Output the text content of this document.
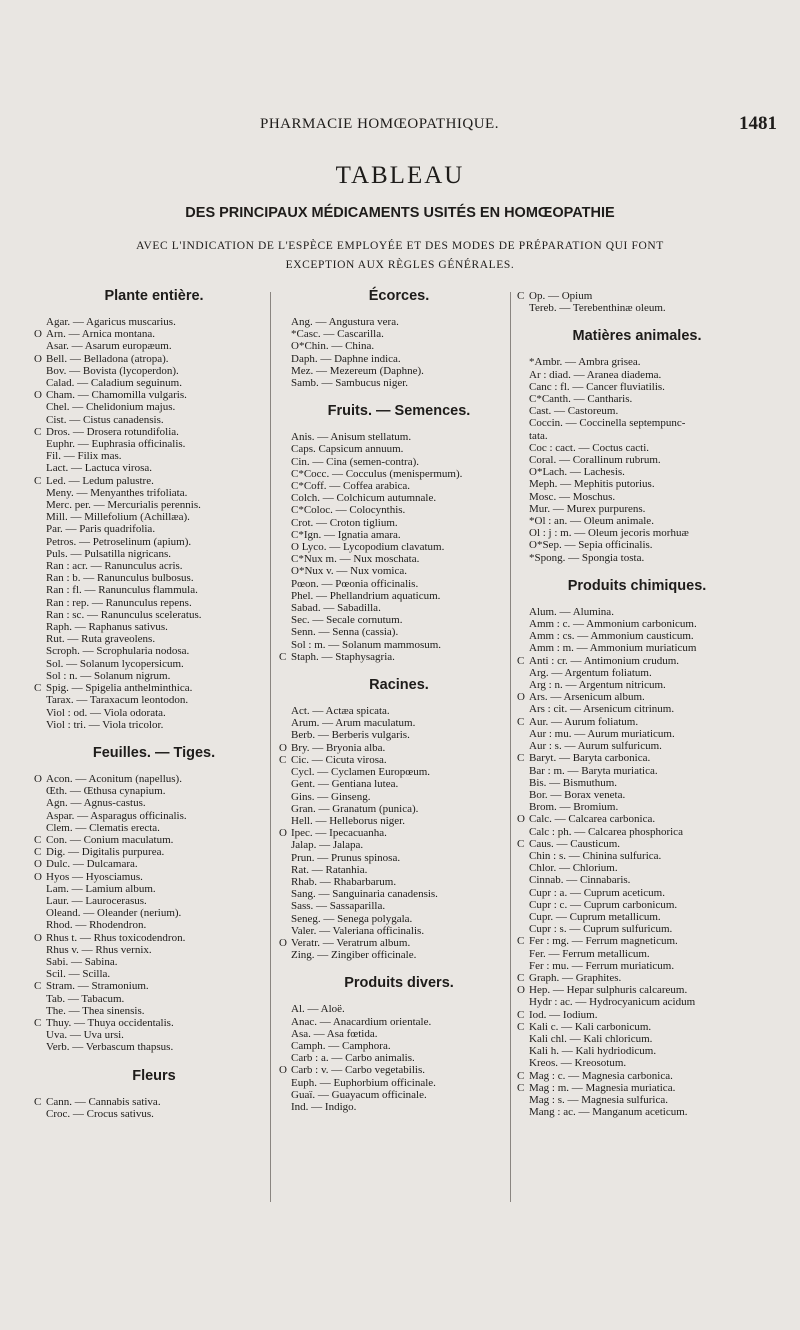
PHARMACIE HOMŒOPATHIQUE.	1481
TABLEAU
DES PRINCIPAUX MÉDICAMENTS USITÉS EN HOMŒOPATHIE
AVEC L'INDICATION DE L'ESPÈCE EMPLOYÉE ET DES MODES DE PRÉPARATION QUI FONT
EXCEPTION AUX RÈGLES GÉNÉRALES.
Plante entière.
Agar. — Agaricus muscarius.
O Arn. — Arnica montana.
Asar. — Asarum europæum.
O Bell. — Belladona (atropa).
Bov. — Bovista (lycoperdon).
Calad. — Caladium seguinum.
O Cham. — Chamomilla vulgaris.
Chel. — Chelidonium majus.
Cist. — Cistus canadensis.
C Dros. — Drosera rotundifolia.
Euphr. — Euphrasia officinalis.
Fil. — Filix mas.
Lact. — Lactuca virosa.
C Led. — Ledum palustre.
Meny. — Menyanthes trifoliata.
Merc. per. — Mercurialis perennis.
Mill. — Millefolium (Achillæa).
Par. — Paris quadrifolia.
Petros. — Petroselinum (apium).
Puls. — Pulsatilla nigricans.
Ran : acr. — Ranunculus acris.
Ran : b. — Ranunculus bulbosus.
Ran : fl. — Ranunculus flammula.
Ran : rep. — Ranunculus repens.
Ran : sc. — Ranunculus sceleratus.
Raph. — Raphanus sativus.
Rut. — Ruta graveolens.
Scroph. — Scrophularia nodosa.
Sol. — Solanum lycopersicum.
Sol : n. — Solanum nigrum.
C Spig. — Spigelia anthelminthica.
Tarax. — Taraxacum leontodon.
Viol : od. — Viola odorata.
Viol : tri. — Viola tricolor.
Feuilles. — Tiges.
O Acon. — Aconitum (napellus).
Œth. — Œthusa cynapium.
Agn. — Agnus-castus.
Aspar. — Asparagus officinalis.
Clem. — Clematis erecta.
C Con. — Conium maculatum.
C Dig. — Digitalis purpurea.
O Dulc. — Dulcamara.
O Hyos — Hyosciamus.
Lam. — Lamium album.
Laur. — Laurocerasus.
Oleand. — Oleander (nerium).
Rhod. — Rhodendron.
O Rhus t. — Rhus toxicodendron.
Rhus v. — Rhus vernix.
Sabi. — Sabina.
Scil. — Scilla.
C Stram. — Stramonium.
Tab. — Tabacum.
The. — Thea sinensis.
C Thuy. — Thuya occidentalis.
Uva. — Uva ursi.
Verb. — Verbascum thapsus.
Fleurs
C Cann. — Cannabis sativa.
Croc. — Crocus sativus.
Écorces.
Ang. — Angustura vera.
*Casc. — Cascarilla.
O*Chin. — China.
Daph. — Daphne indica.
Mez. — Mezereum (Daphne).
Samb. — Sambucus niger.
Fruits. — Semences.
Anis. — Anisum stellatum.
Caps. Capsicum annuum.
Cin. — Cina (semen-contra).
C*Cocc. — Cocculus (menispermum).
C*Coff. — Coffea arabica.
Colch. — Colchicum autumnale.
C*Coloc. — Colocynthis.
Crot. — Croton tiglium.
C*Ign. — Ignatia amara.
O Lyco. — Lycopodium clavatum.
C*Nux m. — Nux moschata.
O*Nux v. — Nux vomica.
Pœon. — Pœonia officinalis.
Phel. — Phellandrium aquaticum.
Sabad. — Sabadilla.
Sec. — Secale cornutum.
Senn. — Senna (cassia).
Sol : m. — Solanum mammosum.
C Staph. — Staphysagria.
Racines.
Act. — Actæa spicata.
Arum. — Arum maculatum.
Berb. — Berberis vulgaris.
O Bry. — Bryonia alba.
C Cic. — Cicuta virosa.
Cycl. — Cyclamen Europœum.
Gent. — Gentiana lutea.
Gins. — Ginseng.
Gran. — Granatum (punica).
Hell. — Helleborus niger.
O Ipec. — Ipecacuanha.
Jalap. — Jalapa.
Prun. — Prunus spinosa.
Rat. — Ratanhia.
Rhab. — Rhabarbarum.
Sang. — Sanguinaria canadensis.
Sass. — Sassaparilla.
Seneg. — Senega polygala.
Valer. — Valeriana officinalis.
O Veratr. — Veratrum album.
Zing. — Zingiber officinale.
Produits divers.
Al. — Aloë.
Anac. — Anacardium orientale.
Asa. — Asa fœtida.
Camph. — Camphora.
Carb : a. — Carbo animalis.
O Carb : v. — Carbo vegetabilis.
Euph. — Euphorbium officinale.
Guaï. — Guayacum officinale.
Ind. — Indigo.
C Op. — Opium
Tereb. — Terebenthinæ oleum.
Matières animales.
*Ambr. — Ambra grisea.
Ar : diad. — Aranea diadema.
Canc : fl. — Cancer fluviatilis.
C*Canth. — Cantharis.
Cast. — Castoreum.
Coccin. — Coccinella septempunc-
tata.
Coc : cact. — Coctus cacti.
Coral. — Corallinum rubrum.
O*Lach. — Lachesis.
Meph. — Mephitis putorius.
Mosc. — Moschus.
Mur. — Murex purpurens.
*Ol : an. — Oleum animale.
Ol : j : m. — Oleum jecoris morhuæ
O*Sep. — Sepia officinalis.
*Spong. — Spongia tosta.
Produits chimiques.
Alum. — Alumina.
Amm : c. — Ammonium carbonicum.
Amm : cs. — Ammonium causticum.
Amm : m. — Ammonium muriaticum
C Anti : cr. — Antimonium crudum.
Arg. — Argentum foliatum.
Arg : n. — Argentum nitricum.
O Ars. — Arsenicum album.
Ars : cit. — Arsenicum citrinum.
C Aur. — Aurum foliatum.
Aur : mu. — Aurum muriaticum.
Aur : s. — Aurum sulfuricum.
C Baryt. — Baryta carbonica.
Bar : m. — Baryta muriatica.
Bis. — Bismuthum.
Bor. — Borax veneta.
Brom. — Bromium.
O Calc. — Calcarea carbonica.
Calc : ph. — Calcarea phosphorica
C Caus. — Causticum.
Chin : s. — Chinina sulfurica.
Chlor. — Chlorium.
Cinnab. — Cinnabaris.
Cupr : a. — Cuprum aceticum.
Cupr : c. — Cuprum carbonicum.
Cupr. — Cuprum metallicum.
Cupr : s. — Cuprum sulfuricum.
C Fer : mg. — Ferrum magneticum.
Fer. — Ferrum metallicum.
Fer : mu. — Ferrum muriaticum.
C Graph. — Graphites.
O Hep. — Hepar sulphuris calcareum.
Hydr : ac. — Hydrocyanicum acidum
C Iod. — Iodium.
C Kali c. — Kali carbonicum.
Kali chl. — Kali chloricum.
Kali h. — Kali hydriodicum.
Kreos. — Kreosotum.
C Mag : c. — Magnesia carbonica.
C Mag : m. — Magnesia muriatica.
Mag : s. — Magnesia sulfurica.
Mang : ac. — Manganum aceticum.
